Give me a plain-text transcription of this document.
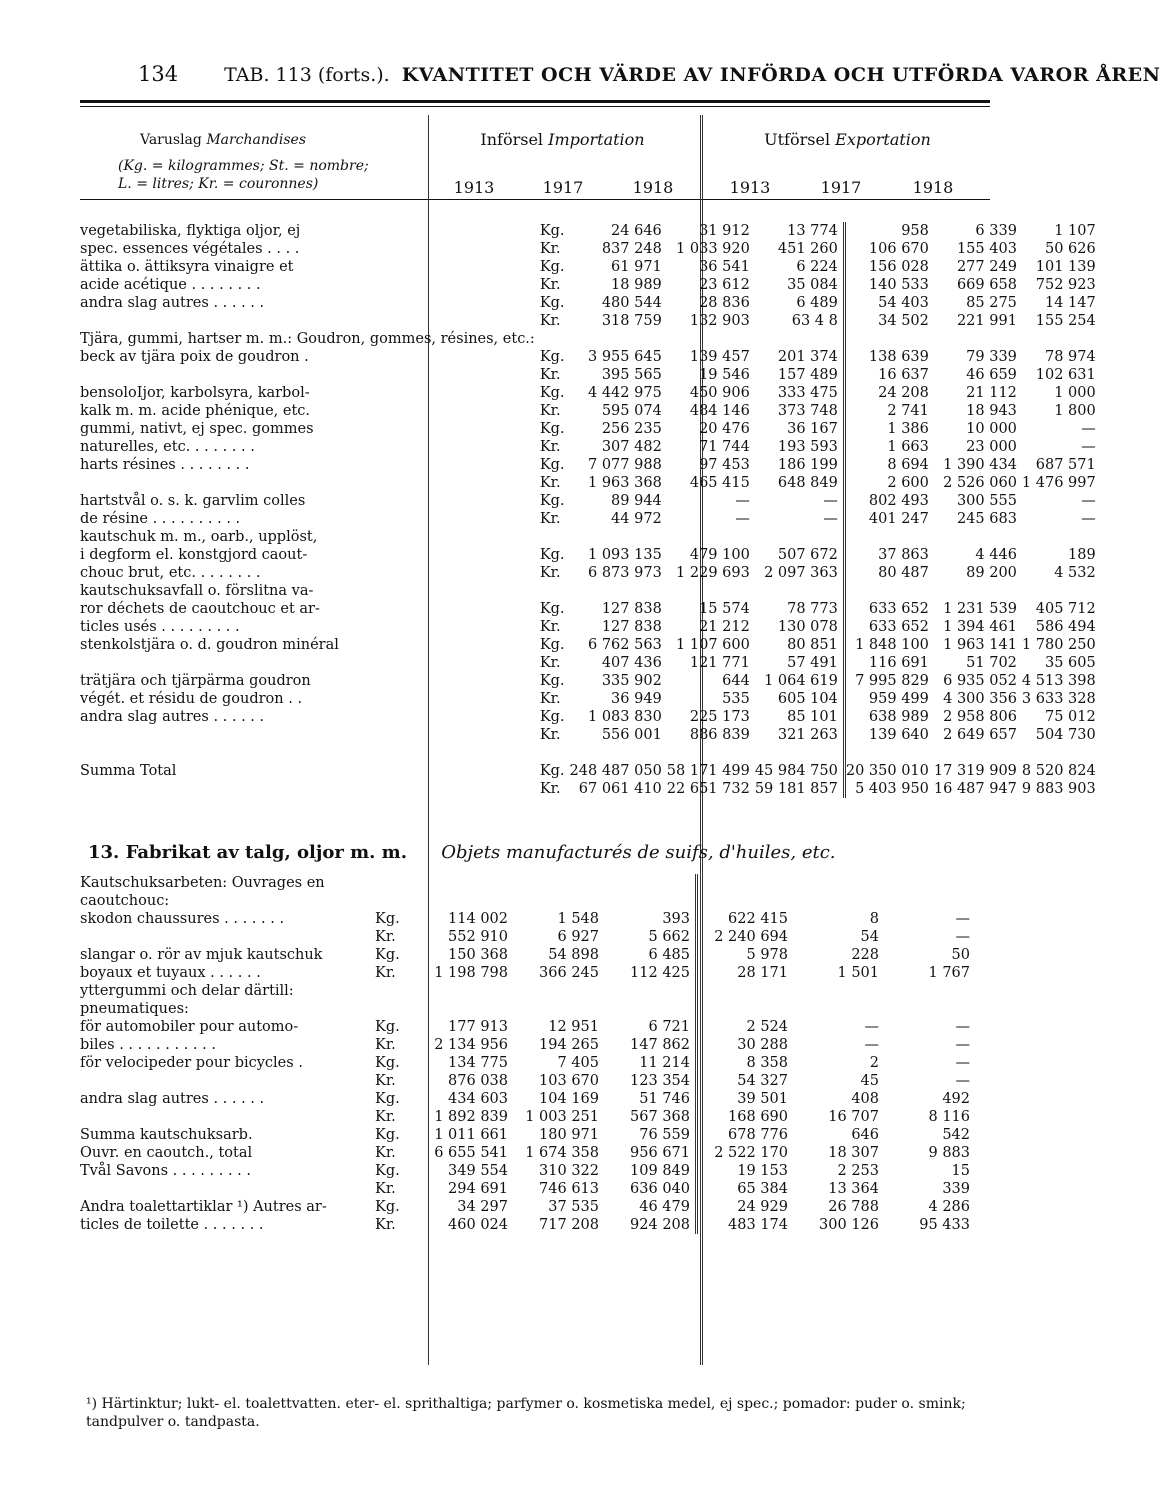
134 TAB. 113 (forts.). KVANTITET OCH VÄRDE AV INFÖRDA OCH UTFÖRDA VAROR ÅREN
Varuslag Marchandises
(Kg. = kilogrammes; St. = nombre;
L. = litres; Kr. = couronnes)
Införsel Importation	Utförsel Exportation
1913	1917	1918	1913	1917	1918
vegetabiliska, flyktiga oljor, ej	Kg.	24 646	31 912	13 774	958	6 339	1 107
spec. essences végétales . . . .	Kr.	837 248	1 033 920	451 260	106 670	155 403	50 626
ättika o. ättiksyra vinaigre et	Kg.	61 971	36 541	6 224	156 028	277 249	101 139
acide acétique . . . . . . . .	Kr.	18 989	23 612	35 084	140 533	669 658	752 923
andra slag autres . . . . . .	Kg.	480 544	28 836	6 489	54 403	85 275	14 147
	Kr.	318 759	132 903	63 4 8	34 502	221 991	155 254
Tjära, gummi, hartser m. m.: Goudron, gommes, résines, etc.:							
beck av tjära poix de goudron .	Kg.	3 955 645	139 457	201 374	138 639	79 339	78 974
	Kr.	395 565	19 546	157 489	16 637	46 659	102 631
bensoloIjor, karbolsyra, karbol-	Kg.	4 442 975	450 906	333 475	24 208	21 112	1 000
kalk m. m. acide phénique, etc.	Kr.	595 074	484 146	373 748	2 741	18 943	1 800
gummi, nativt, ej spec. gommes	Kg.	256 235	20 476	36 167	1 386	10 000	—
naturelles, etc. . . . . . . .	Kr.	307 482	71 744	193 593	1 663	23 000	—
harts résines . . . . . . . .	Kg.	7 077 988	97 453	186 199	8 694	1 390 434	687 571
	Kr.	1 963 368	465 415	648 849	2 600	2 526 060	1 476 997
hartstvål o. s. k. garvlim colles	Kg.	89 944	—	—	802 493	300 555	—
de résine . . . . . . . . . .	Kr.	44 972	—	—	401 247	245 683	—
kautschuk m. m., oarb., upplöst,							
i degform el. konstgjord caout-	Kg.	1 093 135	479 100	507 672	37 863	4 446	189
chouc brut, etc. . . . . . . .	Kr.	6 873 973	1 229 693	2 097 363	80 487	89 200	4 532
kautschuksavfall o. förslitna va-							
ror déchets de caoutchouc et ar-	Kg.	127 838	15 574	78 773	633 652	1 231 539	405 712
ticles usés . . . . . . . . .	Kr.	127 838	21 212	130 078	633 652	1 394 461	586 494
stenkolstjära o. d. goudron minéral	Kg.	6 762 563	1 107 600	80 851	1 848 100	1 963 141	1 780 250
	Kr.	407 436	121 771	57 491	116 691	51 702	35 605
trätjära och tjärpärma goudron	Kg.	335 902	644	1 064 619	7 995 829	6 935 052	4 513 398
végét. et résidu de goudron . .	Kr.	36 949	535	605 104	959 499	4 300 356	3 633 328
andra slag autres . . . . . .	Kg.	1 083 830	225 173	85 101	638 989	2 958 806	75 012
	Kr.	556 001	886 839	321 263	139 640	2 649 657	504 730

Summa Total	Kg.	248 487 050	58 171 499	45 984 750	20 350 010	17 319 909	8 520 824
	Kr.	67 061 410	22 651 732	59 181 857	5 403 950	16 487 947	9 883 903
13. Fabrikat av talg, oljor m. m. Objets manufacturés de suifs, d'huiles, etc.
Kautschuksarbeten: Ouvrages en							
caoutchouc:							
skodon chaussures . . . . . . .	Kg.	114 002	1 548	393	622 415	8	—
	Kr.	552 910	6 927	5 662	2 240 694	54	—
slangar o. rör av mjuk kautschuk	Kg.	150 368	54 898	6 485	5 978	228	50
boyaux et tuyaux . . . . . .	Kr.	1 198 798	366 245	112 425	28 171	1 501	1 767
yttergummi och delar därtill:							
pneumatiques:							
för automobiler pour automo-	Kg.	177 913	12 951	6 721	2 524	—	—
biles . . . . . . . . . . .	Kr.	2 134 956	194 265	147 862	30 288	—	—
för velocipeder pour bicycles .	Kg.	134 775	7 405	11 214	8 358	2	—
	Kr.	876 038	103 670	123 354	54 327	45	—
andra slag autres . . . . . .	Kg.	434 603	104 169	51 746	39 501	408	492
	Kr.	1 892 839	1 003 251	567 368	168 690	16 707	8 116
Summa kautschuksarb.	Kg.	1 011 661	180 971	76 559	678 776	646	542
Ouvr. en caoutch., total	Kr.	6 655 541	1 674 358	956 671	2 522 170	18 307	9 883
Tvål Savons . . . . . . . . .	Kg.	349 554	310 322	109 849	19 153	2 253	15
	Kr.	294 691	746 613	636 040	65 384	13 364	339
Andra toalettartiklar ¹) Autres ar-	Kg.	34 297	37 535	46 479	24 929	26 788	4 286
ticles de toilette . . . . . . .	Kr.	460 024	717 208	924 208	483 174	300 126	95 433
¹) Härtinktur; lukt- el. toalettvatten. eter- el. sprithaltiga; parfymer o. kosmetiska medel, ej spec.; pomador: puder o. smink; tandpulver o. tandpasta.
